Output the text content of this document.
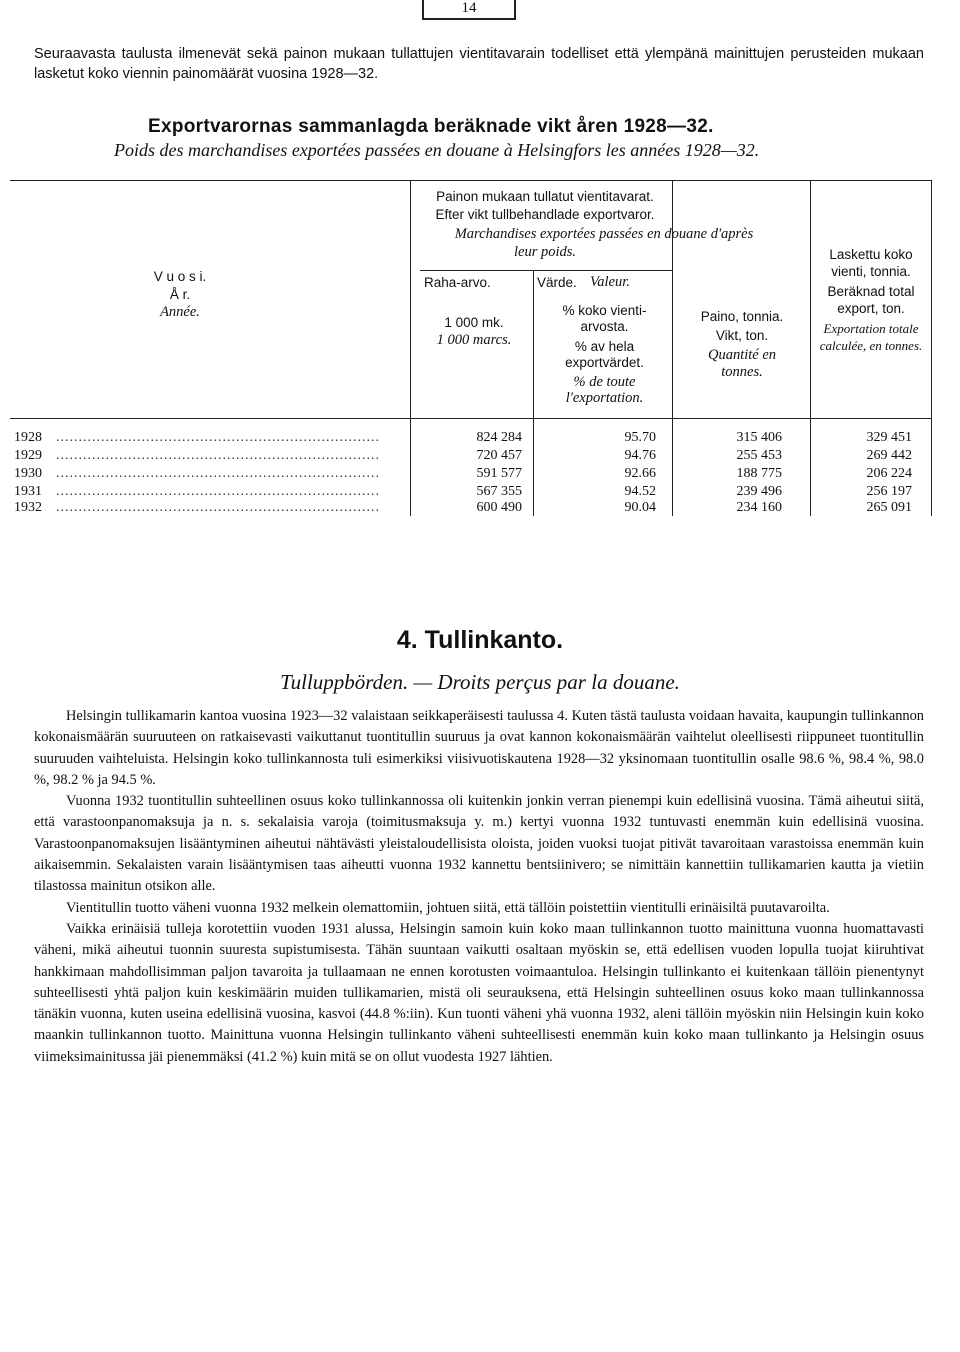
14
Seuraavasta taulusta ilmenevät sekä painon mukaan tullattujen vientitavarain todelliset että ylempänä mainittujen perusteiden mukaan lasketut koko viennin painomäärät vuosina 1928—32.
Exportvarornas sammanlagda beräknade vikt åren 1928—32.
Poids des marchandises exportées passées en douane à Helsingfors les années 1928—32.
V u o s i.
Å r.
Année.
Painon mukaan tullatut vientitavarat.
Efter vikt tullbehandlade exportvaror.
Marchandises exportées passées en douane d'après
leur poids.
Raha-arvo.
1 000 mk.
1 000 marcs.
Värde. Valeur.
% koko vienti-
arvosta.
% av hela
exportvärdet.
% de toute
l'exportation.
Paino, tonnia.
Vikt, ton.
Quantité en
tonnes.
Laskettu koko
vienti, tonnia.
Beräknad total
export, ton.
Exportation totale
calculée, en tonnes.
1928 ........................................................................	824 284	95.70	315 406	329 451
1929 ........................................................................	720 457	94.76	255 453	269 442
1930 ........................................................................	591 577	92.66	188 775	206 224
1931 ........................................................................	567 355	94.52	239 496	256 197
1932 ........................................................................	600 490	90.04	234 160	265 091
4. Tullinkanto.
Tulluppbörden. — Droits perçus par la douane.

Helsingin tullikamarin kantoa vuosina 1923—32 valaistaan seikkaperäisesti taulussa 4. Kuten tästä taulusta voidaan havaita, kaupungin tullinkannon kokonaismäärän suuruuteen on ratkaisevasti vaikuttanut tuontitullin suuruus ja ovat kannon kokonaismäärän vaihtelut oleellisesti riippuneet tuontitullin suuruuden vaihteluista. Helsingin koko tullinkannosta tuli esimerkiksi viisivuotiskautena 1928—32 yksinomaan tuontitullin osalle 98.6 %, 98.4 %, 98.0 %, 98.2 % ja 94.5 %.

Vuonna 1932 tuontitullin suhteellinen osuus koko tullinkannossa oli kuitenkin jonkin verran pienempi kuin edellisinä vuosina. Tämä aiheutui siitä, että varastoonpanomaksuja ja n. s. sekalaisia varoja (toimitusmaksuja y. m.) kertyi vuonna 1932 tuntuvasti enemmän kuin edellisinä vuosina. Varastoonpanomaksujen lisääntyminen aiheutui nähtävästi yleistaloudellisista oloista, joiden vuoksi tuojat pitivät tavaroitaan varastoissa enemmän kuin aikaisemmin. Sekalaisten varain lisääntymisen taas aiheutti vuonna 1932 kannettu bentsiinivero; se nimittäin kannettiin tullikamarien kautta ja vietiin tilastossa mainitun otsikon alle.

Vientitullin tuotto väheni vuonna 1932 melkein olemattomiin, johtuen siitä, että tällöin poistettiin vientitulli erinäisiltä puutavaroilta.

Vaikka erinäisiä tulleja korotettiin vuoden 1931 alussa, Helsingin samoin kuin koko maan tullinkannon tuotto mainittuna vuonna huomattavasti väheni, mikä aiheutui tuonnin suuresta supistumisesta. Tähän suuntaan vaikutti osaltaan myöskin se, että edellisen vuoden lopulla tuojat kiiruhtivat hankkimaan mahdollisimman paljon tavaroita ja tullaamaan ne ennen korotusten voimaantuloa. Helsingin tullinkanto ei kuitenkaan tällöin pienentynyt suhteellisesti yhtä paljon kuin keskimäärin muiden tullikamarien, mistä oli seurauksena, että Helsingin suhteellinen osuus koko maan tullinkannossa tänäkin vuonna, kuten useina edellisinä vuosina, kasvoi (44.8 %:iin). Kun tuonti väheni yhä vuonna 1932, aleni tällöin myöskin niin Helsingin kuin koko maankin tullinkannon tuotto. Mainittuna vuonna Helsingin tullinkanto väheni suhteellisesti enemmän kuin koko maan tullinkanto ja Helsingin osuus viimeksimainitussa jäi pienemmäksi (41.2 %) kuin mitä se on ollut vuodesta 1927 lähtien.
